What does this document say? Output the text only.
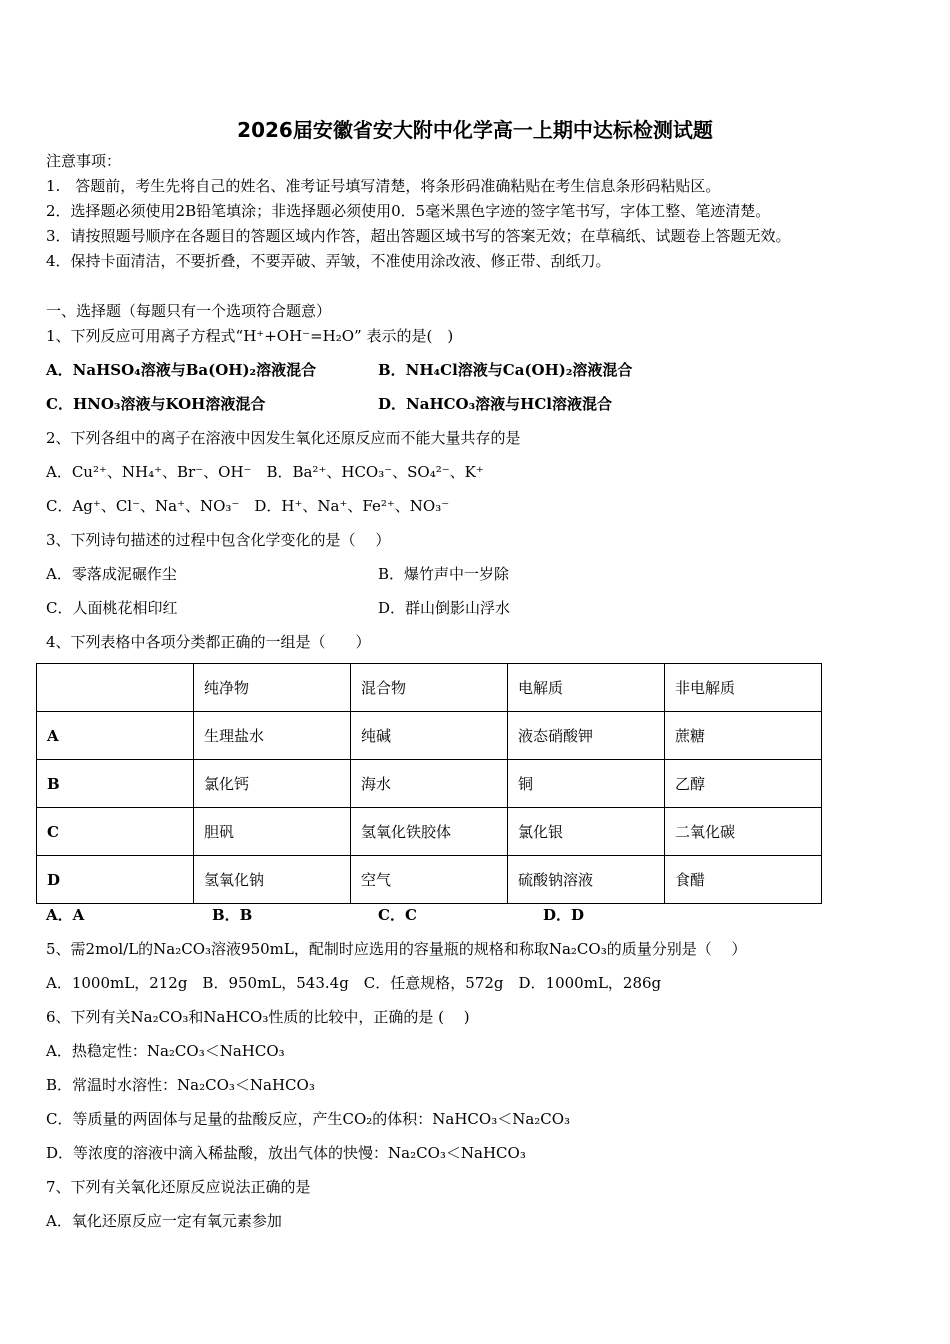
2026届安徽省安大附中化学高一上期中达标检测试题
注意事项：
1.　答题前，考生先将自己的姓名、准考证号填写清楚，将条形码准确粘贴在考生信息条形码粘贴区。
2．选择题必须使用2B铅笔填涂；非选择题必须使用0．5毫米黑色字迹的签字笔书写，字体工整、笔迹清楚。
3．请按照题号顺序在各题目的答题区域内作答，超出答题区域书写的答案无效；在草稿纸、试题卷上答题无效。
4．保持卡面清洁，不要折叠，不要弄破、弄皱，不准使用涂改液、修正带、刮纸刀。
一、选择题（每题只有一个选项符合题意）
1、下列反应可用离子方程式“H⁺+OH⁻=H₂O” 表示的是(　)
A．NaHSO₄溶液与Ba(OH)₂溶液混合	B．NH₄Cl溶液与Ca(OH)₂溶液混合
C．HNO₃溶液与KOH溶液混合	D．NaHCO₃溶液与HCl溶液混合
2、下列各组中的离子在溶液中因发生氧化还原反应而不能大量共存的是
A．Cu²⁺、NH₄⁺、Br⁻、OH⁻　B．Ba²⁺、HCO₃⁻、SO₄²⁻、K⁺
C．Ag⁺、Cl⁻、Na⁺、NO₃⁻　D．H⁺、Na⁺、Fe²⁺、NO₃⁻
3、下列诗句描述的过程中包含化学变化的是（　 ）
A．零落成泥碾作尘	B．爆竹声中一岁除
C．人面桃花相印红	D．群山倒影山浮水
4、下列表格中各项分类都正确的一组是（　　）
	纯净物	混合物	电解质	非电解质
A	生理盐水	纯碱	液态硝酸钾	蔗糖
B	氯化钙	海水	铜	乙醇
C	胆矾	氢氧化铁胶体	氯化银	二氧化碳
D	氢氧化钠	空气	硫酸钠溶液	食醋
A．A	B．B	C．C	D．D
5、需2mol/L的Na₂CO₃溶液950mL，配制时应选用的容量瓶的规格和称取Na₂CO₃的质量分别是（　 ）
A．1000mL，212g　B．950mL，543.4g　C．任意规格，572g　D．1000mL，286g
6、下列有关Na₂CO₃和NaHCO₃性质的比较中，正确的是 (　 )
A．热稳定性：Na₂CO₃＜NaHCO₃
B．常温时水溶性：Na₂CO₃＜NaHCO₃
C．等质量的两固体与足量的盐酸反应，产生CO₂的体积：NaHCO₃＜Na₂CO₃
D．等浓度的溶液中滴入稀盐酸，放出气体的快慢：Na₂CO₃＜NaHCO₃
7、下列有关氧化还原反应说法正确的是
A．氧化还原反应一定有氧元素参加
